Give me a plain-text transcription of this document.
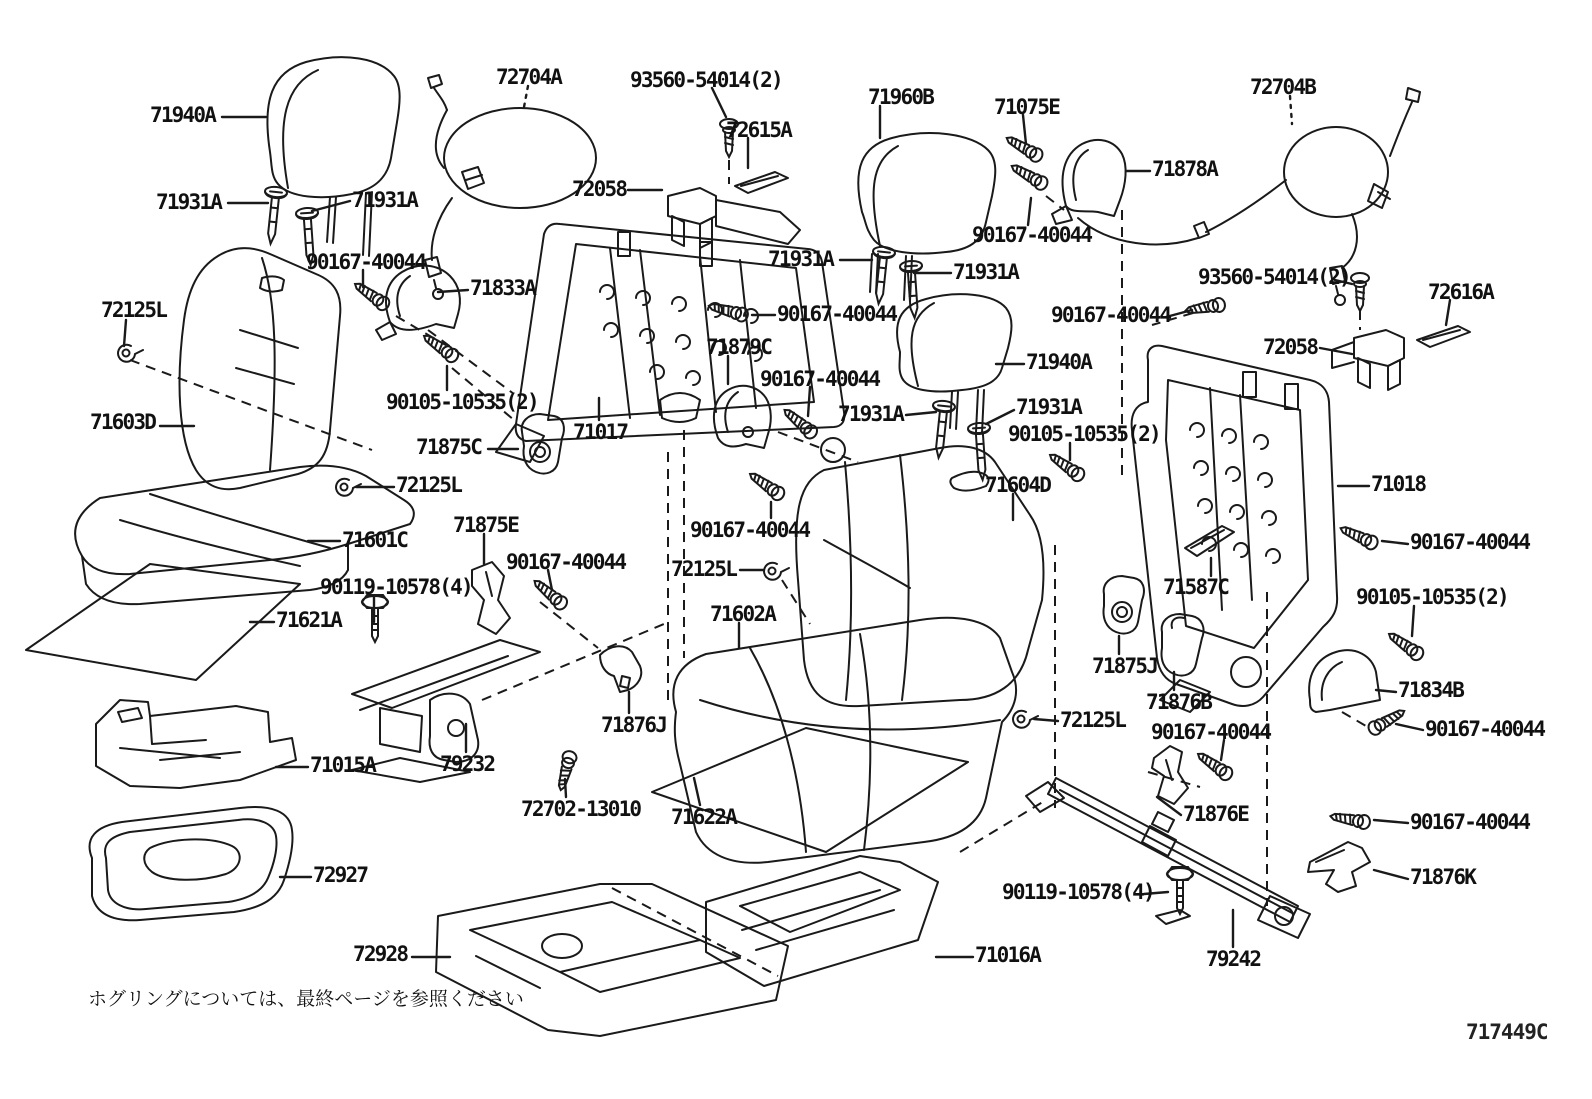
71940A
71931A	71931A
90167-40044
71833A
72704A	93560-54014(2)
72058
72615A
71960B	71075E
71878A
90167-40044
71931A
71931A
90167-40044
71879C
90167-40044
71931A	71931A
71940A
90167-40044
90105-10535(2)
71604D
93560-54014(2)
72616A
72058
71018
90167-40044
90105-10535(2)
71587C
71875J
71876B
72125L 90167-40044
71876E
71834B
90167-40044
71876K
90167-40044
79242
90119-10578(4)
71016A
72928
72927
71015A
71621A
71601C
71603D
72125L
90105-10535(2)
71875C
71017
72125L
71875E
90167-40044
90119-10578(4)
71602A
72125L
90167-40044
71876J
79232
72702-13010 71622A
72704B
ホグリングについては、最終ページを参照ください
717449C
